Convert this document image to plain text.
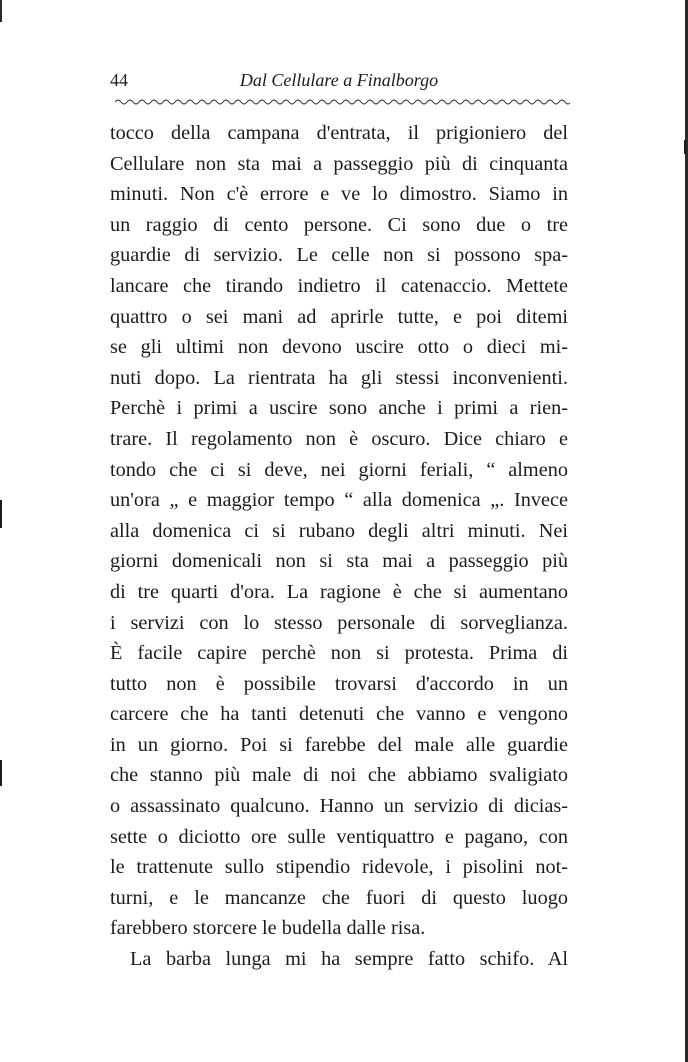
44	Dal Cellulare a Finalborgo
tocco della campana d'entrata, il prigioniero del
Cellulare non sta mai a passeggio più di cinquanta
minuti. Non c'è errore e ve lo dimostro. Siamo in
un raggio di cento persone. Ci sono due o tre
guardie di servizio. Le celle non si possono spa-
lancare che tirando indietro il catenaccio. Mettete
quattro o sei mani ad aprirle tutte, e poi ditemi
se gli ultimi non devono uscire otto o dieci mi-
nuti dopo. La rientrata ha gli stessi inconvenienti.
Perchè i primi a uscire sono anche i primi a rien-
trare. Il regolamento non è oscuro. Dice chiaro e
tondo che ci si deve, nei giorni feriali, “ almeno
un'ora „ e maggior tempo “ alla domenica „. Invece
alla domenica ci si rubano degli altri minuti. Nei
giorni domenicali non si sta mai a passeggio più
di tre quarti d'ora. La ragione è che si aumentano
i servizi con lo stesso personale di sorveglianza.
È facile capire perchè non si protesta. Prima di
tutto non è possibile trovarsi d'accordo in un
carcere che ha tanti detenuti che vanno e vengono
in un giorno. Poi si farebbe del male alle guardie
che stanno più male di noi che abbiamo svaligiato
o assassinato qualcuno. Hanno un servizio di dicias-
sette o diciotto ore sulle ventiquattro e pagano, con
le trattenute sullo stipendio ridevole, i pisolini not-
turni, e le mancanze che fuori di questo luogo
farebbero storcere le budella dalle risa.
La barba lunga mi ha sempre fatto schifo. Al
